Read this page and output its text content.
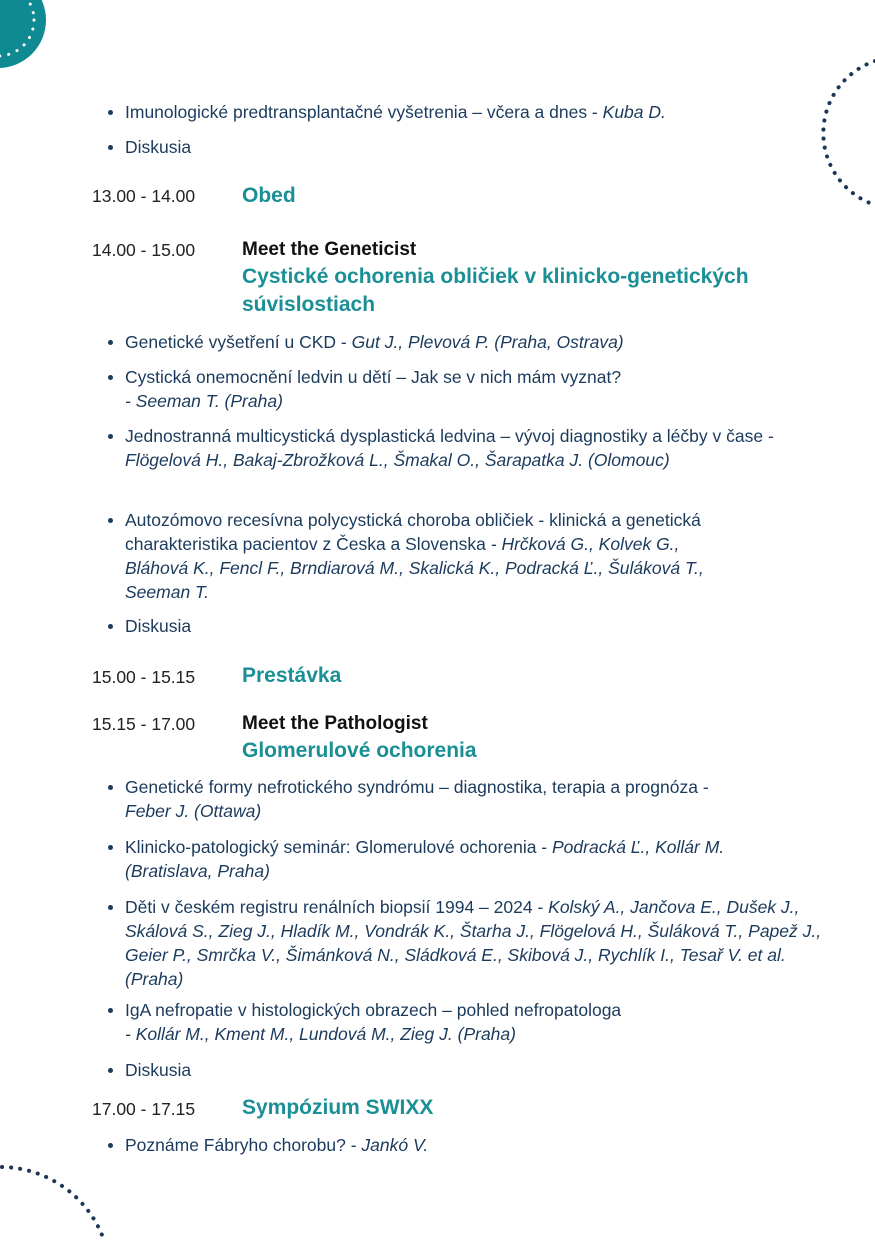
Imunologické predtransplantačné vyšetrenia – včera a dnes - Kuba D.
Diskusia
13.00 - 14.00 Obed
14.00 - 15.00 Meet the Geneticist
Cystické ochorenia obličiek v klinicko-genetických súvislostiach
Genetické vyšetření u CKD - Gut J., Plevová P. (Praha, Ostrava)
Cystická onemocnění ledvin u dětí – Jak se v nich mám vyznat?
- Seeman T. (Praha)
Jednostranná multicystická dysplastická ledvina – vývoj diagnostiky a léčby v čase - Flögelová H., Bakaj-Zbrožková L., Šmakal O., Šarapatka J. (Olomouc)
Autozómovo recesívna polycystická choroba obličiek - klinická a genetická charakteristika pacientov z Česka a Slovenska - Hrčková G., Kolvek G., Bláhová K., Fencl F., Brndiarová M., Skalická K., Podracká Ľ., Šuláková T., Seeman T.
Diskusia
15.00 - 15.15 Prestávka
15.15 - 17.00 Meet the Pathologist
Glomerulové ochorenia
Genetické formy nefrotického syndrómu – diagnostika, terapia a prognóza - Feber J. (Ottawa)
Klinicko-patologický seminár: Glomerulové ochorenia - Podracká Ľ., Kollár M. (Bratislava, Praha)
Děti v českém registru renálních biopsií 1994 – 2024 - Kolský A., Jančova E., Dušek J., Skálová S., Zieg J., Hladík M., Vondrák K., Štarha J., Flögelová H., Šuláková T., Papež J., Geier P., Smrčka V., Šimánková N., Sládková E., Skibová J., Rychlík I., Tesař V. et al. (Praha)
IgA nefropatie v histologických obrazech – pohled nefropatologa
- Kollár M., Kment M., Lundová M., Zieg J. (Praha)
Diskusia
17.00 - 17.15 Sympózium SWIXX
Poznáme Fábryho chorobu? - Jankó V.
